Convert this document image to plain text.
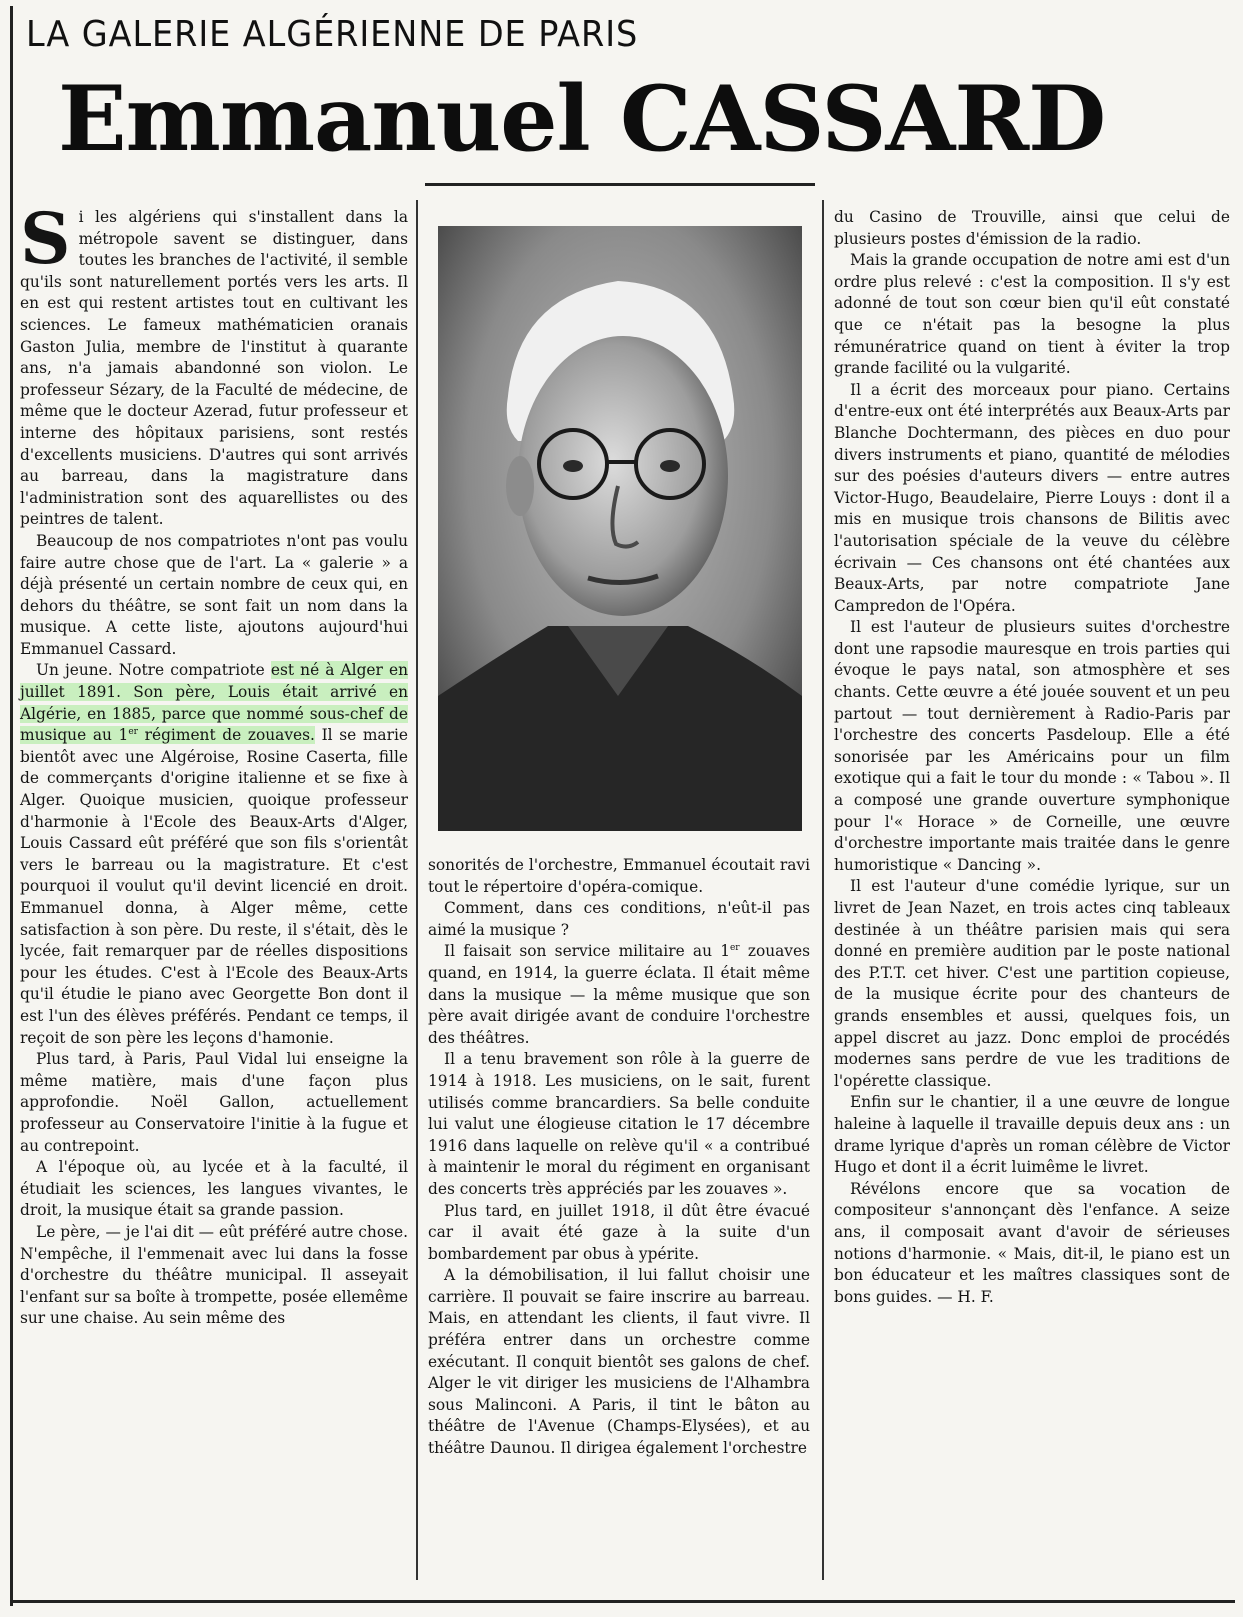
LA GALERIE ALGÉRIENNE DE PARIS
Emmanuel CASSARD

Si les algériens qui s'installent dans la métropole savent se distinguer, dans toutes les branches de l'activité, il semble qu'ils sont naturellement portés vers les arts. Il en est qui restent artistes tout en cultivant les sciences. Le fameux mathématicien oranais Gaston Julia, membre de l'institut à quarante ans, n'a jamais abandonné son violon. Le professeur Sézary, de la Faculté de médecine, de même que le docteur Azerad, futur professeur et interne des hôpitaux parisiens, sont restés d'excellents musiciens. D'autres qui sont arrivés au barreau, dans la magistrature dans l'administration sont des aquarellistes ou des peintres de talent.

Beaucoup de nos compatriotes n'ont pas voulu faire autre chose que de l'art. La « galerie » a déjà présenté un certain nombre de ceux qui, en dehors du théâtre, se sont fait un nom dans la musique. A cette liste, ajoutons aujourd'hui Emmanuel Cassard.

Un jeune. Notre compatriote est né à Alger en juillet 1891. Son père, Louis était arrivé en Algérie, en 1885, parce que nommé sous-chef de musique au 1er régiment de zouaves. Il se marie bientôt avec une Algéroise, Rosine Caserta, fille de commerçants d'origine italienne et se fixe à Alger. Quoique musicien, quoique professeur d'harmonie à l'Ecole des Beaux-Arts d'Alger, Louis Cassard eût préféré que son fils s'orientât vers le barreau ou la magistrature. Et c'est pourquoi il voulut qu'il devint licencié en droit. Emmanuel donna, à Alger même, cette satisfaction à son père. Du reste, il s'était, dès le lycée, fait remarquer par de réelles dispositions pour les études. C'est à l'Ecole des Beaux-Arts qu'il étudie le piano avec Georgette Bon dont il est l'un des élèves préférés. Pendant ce temps, il reçoit de son père les leçons d'hamonie.

Plus tard, à Paris, Paul Vidal lui enseigne la même matière, mais d'une façon plus approfondie. Noël Gallon, actuellement professeur au Conservatoire l'initie à la fugue et au contrepoint.

A l'époque où, au lycée et à la faculté, il étudiait les sciences, les langues vivantes, le droit, la musique était sa grande passion.

Le père, — je l'ai dit — eût préféré autre chose. N'empêche, il l'emmenait avec lui dans la fosse d'orchestre du théâtre municipal. Il asseyait l'enfant sur sa boîte à trompette, posée ellemême sur une chaise. Au sein même des

sonorités de l'orchestre, Emmanuel écoutait ravi tout le répertoire d'opéra-comique.

Comment, dans ces conditions, n'eût-il pas aimé la musique ?

Il faisait son service militaire au 1er zouaves quand, en 1914, la guerre éclata. Il était même dans la musique — la même musique que son père avait dirigée avant de conduire l'orchestre des théâtres.

Il a tenu bravement son rôle à la guerre de 1914 à 1918. Les musiciens, on le sait, furent utilisés comme brancardiers. Sa belle conduite lui valut une élogieuse citation le 17 décembre 1916 dans laquelle on relève qu'il « a contribué à maintenir le moral du régiment en organisant des concerts très appréciés par les zouaves ».

Plus tard, en juillet 1918, il dût être évacué car il avait été gaze à la suite d'un bombardement par obus à ypérite.

A la démobilisation, il lui fallut choisir une carrière. Il pouvait se faire inscrire au barreau. Mais, en attendant les clients, il faut vivre. Il préféra entrer dans un orchestre comme exécutant. Il conquit bientôt ses galons de chef. Alger le vit diriger les musiciens de l'Alhambra sous Malinconi. A Paris, il tint le bâton au théâtre de l'Avenue (Champs-Elysées), et au théâtre Daunou. Il dirigea également l'orchestre

du Casino de Trouville, ainsi que celui de plusieurs postes d'émission de la radio.

Mais la grande occupation de notre ami est d'un ordre plus relevé : c'est la composition. Il s'y est adonné de tout son cœur bien qu'il eût constaté que ce n'était pas la besogne la plus rémunératrice quand on tient à éviter la trop grande facilité ou la vulgarité.

Il a écrit des morceaux pour piano. Certains d'entre-eux ont été interprétés aux Beaux-Arts par Blanche Dochtermann, des pièces en duo pour divers instruments et piano, quantité de mélodies sur des poésies d'auteurs divers — entre autres Victor-Hugo, Beaudelaire, Pierre Louys : dont il a mis en musique trois chansons de Bilitis avec l'autorisation spéciale de la veuve du célèbre écrivain — Ces chansons ont été chantées aux Beaux-Arts, par notre compatriote Jane Campredon de l'Opéra.

Il est l'auteur de plusieurs suites d'orchestre dont une rapsodie mauresque en trois parties qui évoque le pays natal, son atmosphère et ses chants. Cette œuvre a été jouée souvent et un peu partout — tout dernièrement à Radio-Paris par l'orchestre des concerts Pasdeloup. Elle a été sonorisée par les Américains pour un film exotique qui a fait le tour du monde : « Tabou ». Il a composé une grande ouverture symphonique pour l'« Horace » de Corneille, une œuvre d'orchestre importante mais traitée dans le genre humoristique « Dancing ».

Il est l'auteur d'une comédie lyrique, sur un livret de Jean Nazet, en trois actes cinq tableaux destinée à un théâtre parisien mais qui sera donné en première audition par le poste national des P.T.T. cet hiver. C'est une partition copieuse, de la musique écrite pour des chanteurs de grands ensembles et aussi, quelques fois, un appel discret au jazz. Donc emploi de procédés modernes sans perdre de vue les traditions de l'opérette classique.

Enfin sur le chantier, il a une œuvre de longue haleine à laquelle il travaille depuis deux ans : un drame lyrique d'après un roman célèbre de Victor Hugo et dont il a écrit luimême le livret.

Révélons encore que sa vocation de compositeur s'annonçant dès l'enfance. A seize ans, il composait avant d'avoir de sérieuses notions d'harmonie. « Mais, dit-il, le piano est un bon éducateur et les maîtres classiques sont de bons guides. — H. F.
